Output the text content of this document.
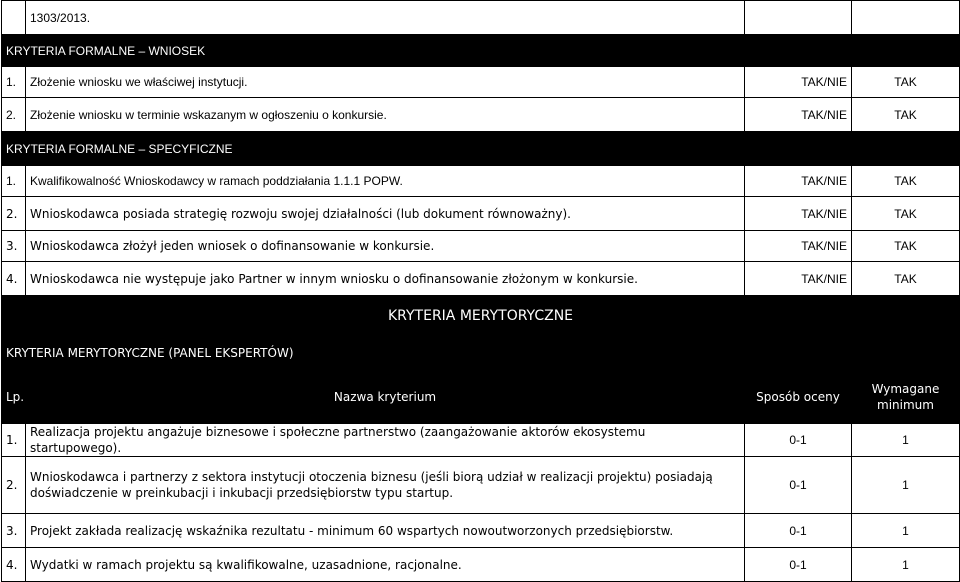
	1303/2013.		
KRYTERIA FORMALNE – WNIOSEK			
1.	Złożenie wniosku we właściwej instytucji.	TAK/NIE	TAK
2.	Złożenie wniosku w terminie wskazanym w ogłoszeniu o konkursie.	TAK/NIE	TAK
KRYTERIA FORMALNE – SPECYFICZNE			
1.	Kwalifikowalność Wnioskodawcy w ramach poddziałania 1.1.1 POPW.	TAK/NIE	TAK
2.	Wnioskodawca posiada strategię rozwoju swojej działalności (lub dokument równoważny).	TAK/NIE	TAK
3.	Wnioskodawca złożył jeden wniosek o dofinansowanie w konkursie.	TAK/NIE	TAK
4.	Wnioskodawca nie występuje jako Partner w innym wniosku o dofinansowanie złożonym w konkursie.	TAK/NIE	TAK
KRYTERIA MERYTORYCZNE			
KRYTERIA MERYTORYCZNE (PANEL EKSPERTÓW)			
Lp.	Nazwa kryterium	Sposób oceny	Wymagane minimum
1.	Realizacja projektu angażuje biznesowe i społeczne partnerstwo (zaangażowanie aktorów ekosystemu startupowego).	0-1	1
2.	Wnioskodawca i partnerzy z sektora instytucji otoczenia biznesu (jeśli biorą udział w realizacji projektu) posiadają doświadczenie w preinkubacji i inkubacji przedsiębiorstw typu startup.	0-1	1
3.	Projekt zakłada realizację wskaźnika rezultatu - minimum 60 wspartych nowoutworzonych przedsiębiorstw.	0-1	1
4.	Wydatki w ramach projektu są kwalifikowalne, uzasadnione, racjonalne.	0-1	1
